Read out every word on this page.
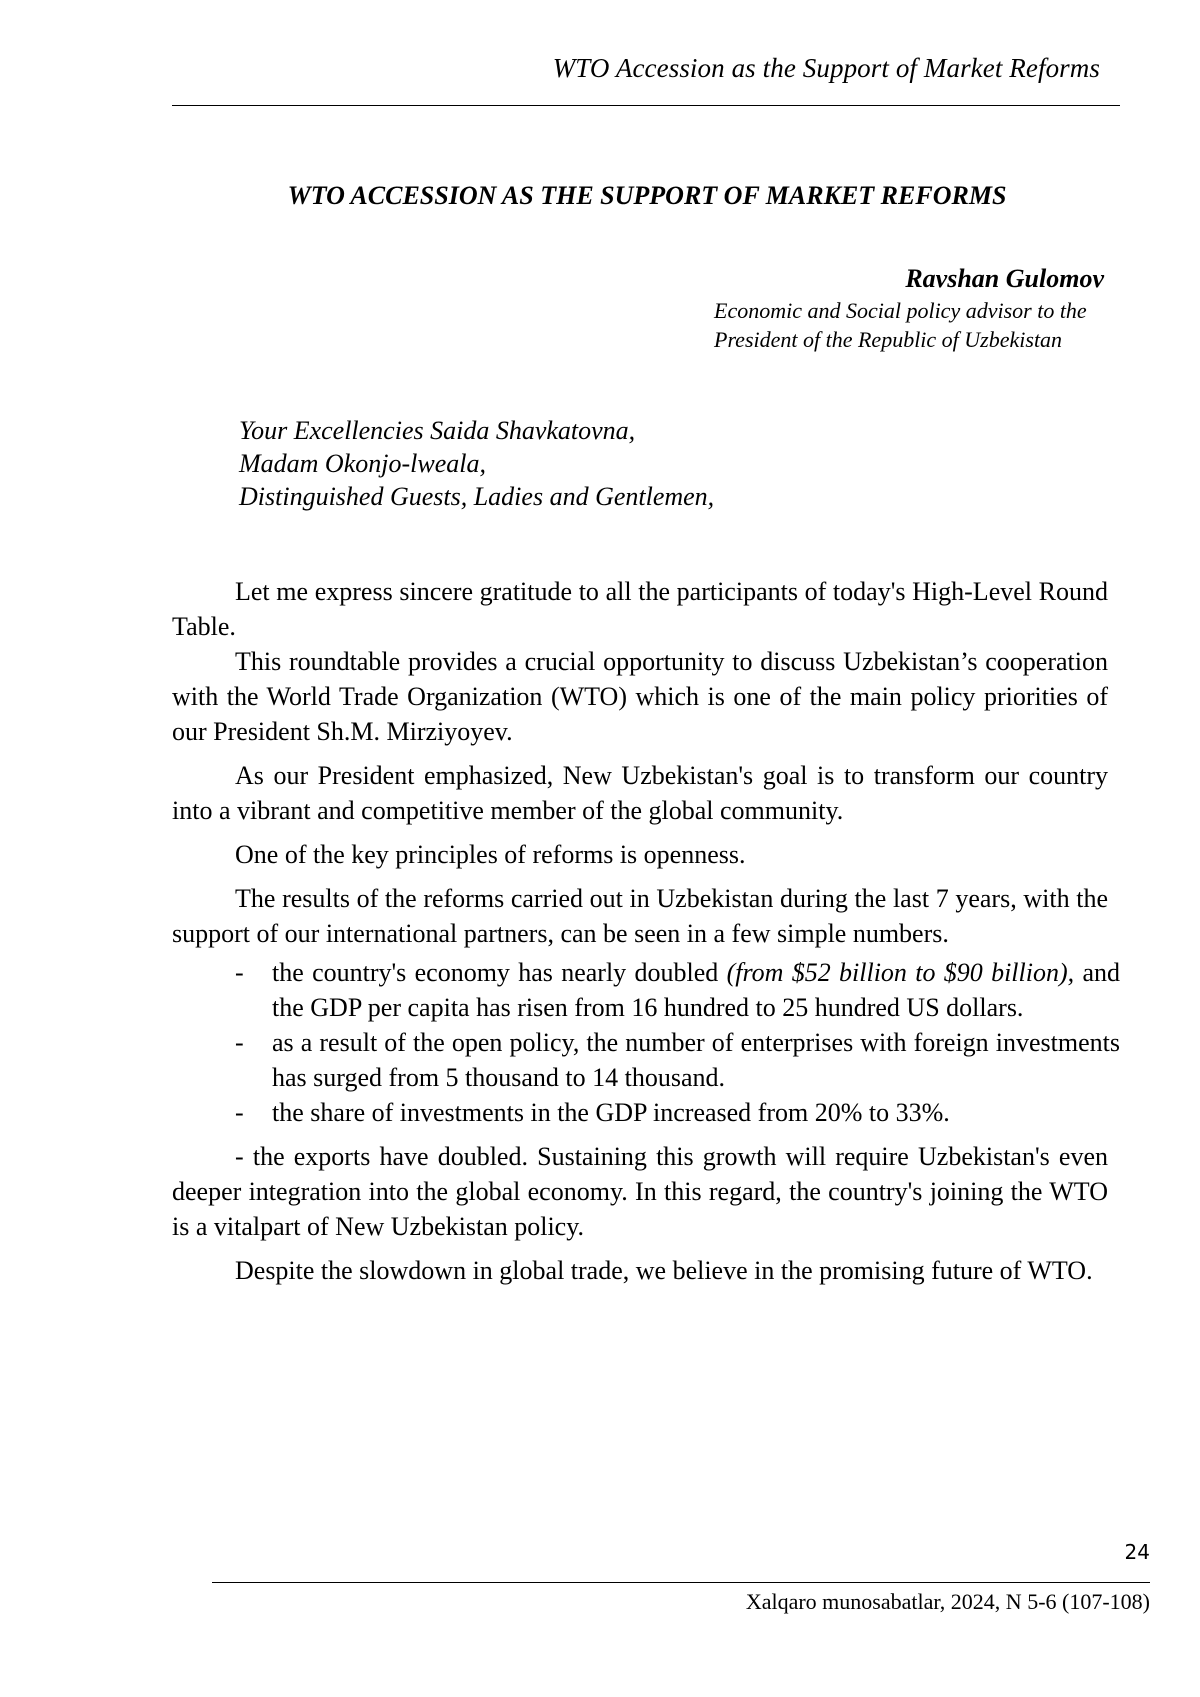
WTO Accession as the Support of Market Reforms
WTO ACCESSION AS THE SUPPORT OF MARKET REFORMS
Ravshan Gulomov
Economic and Social policy advisor to the
President of the Republic of Uzbekistan
Your Excellencies Saida Shavkatovna,
Madam Okonjo-lweala,
Distinguished Guests, Ladies and Gentlemen,

Let me express sincere gratitude to all the participants of today's High-Level Round Table.

This roundtable provides a crucial opportunity to discuss Uzbekistan’s cooperation with the World Trade Organization (WTO) which is one of the main policy priorities of our President Sh.M. Mirziyoyev.

As our President emphasized, New Uzbekistan's goal is to transform our country into a vibrant and competitive member of the global community.

One of the key principles of reforms is openness.

The results of the reforms carried out in Uzbekistan during the last 7 years, with the support of our international partners, can be seen in a few simple numbers.

- the country's economy has nearly doubled (from $52 billion to $90 billion), and the GDP per capita has risen from 16 hundred to 25 hundred US dollars.
- as a result of the open policy, the number of enterprises with foreign investments has surged from 5 thousand to 14 thousand.
- the share of investments in the GDP increased from 20% to 33%.

- the exports have doubled. Sustaining this growth will require Uzbekistan's even deeper integration into the global economy. In this regard, the country's joining the WTO is a vitalpart of New Uzbekistan policy.

Despite the slowdown in global trade, we believe in the promising future of WTO.

24
Xalqaro munosabatlar, 2024, N 5-6 (107-108)
